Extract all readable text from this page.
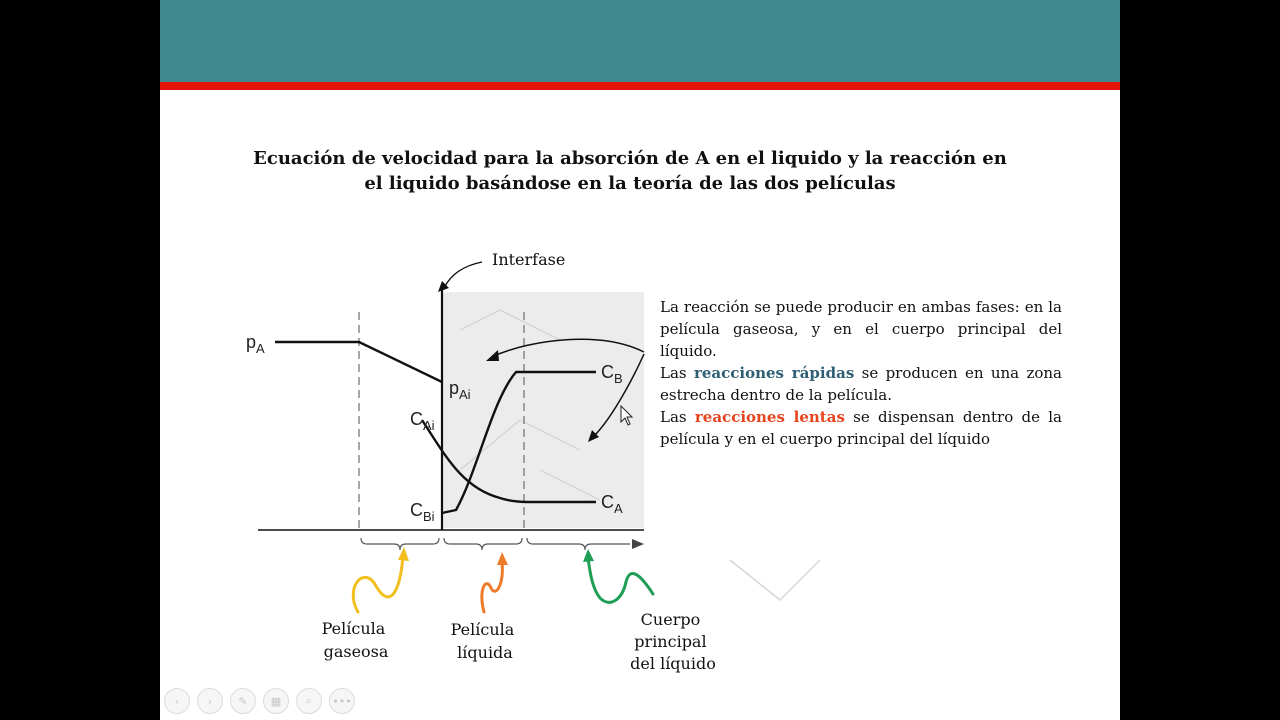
Ecuación de velocidad para la absorción de A en el liquido y la reacción en
el liquido basándose en la teoría de las dos películas
Interfase
$p_A$
$p_{Ai}$
$C_{Ai}$
$C_{Bi}$
$C_B$
$C_A$
Película gaseosa
Película líquida
Cuerpo principal del líquido

La reacción se puede producir en ambas fases: en la película gaseosa, y en el cuerpo principal del líquido.

Las reacciones rápidas se producen en una zona estrecha dentro de la película.

Las reacciones lentas se dispensan dentro de la película y en el cuerpo principal del líquido

‹	› ✎ ▦ ⌕ •••
